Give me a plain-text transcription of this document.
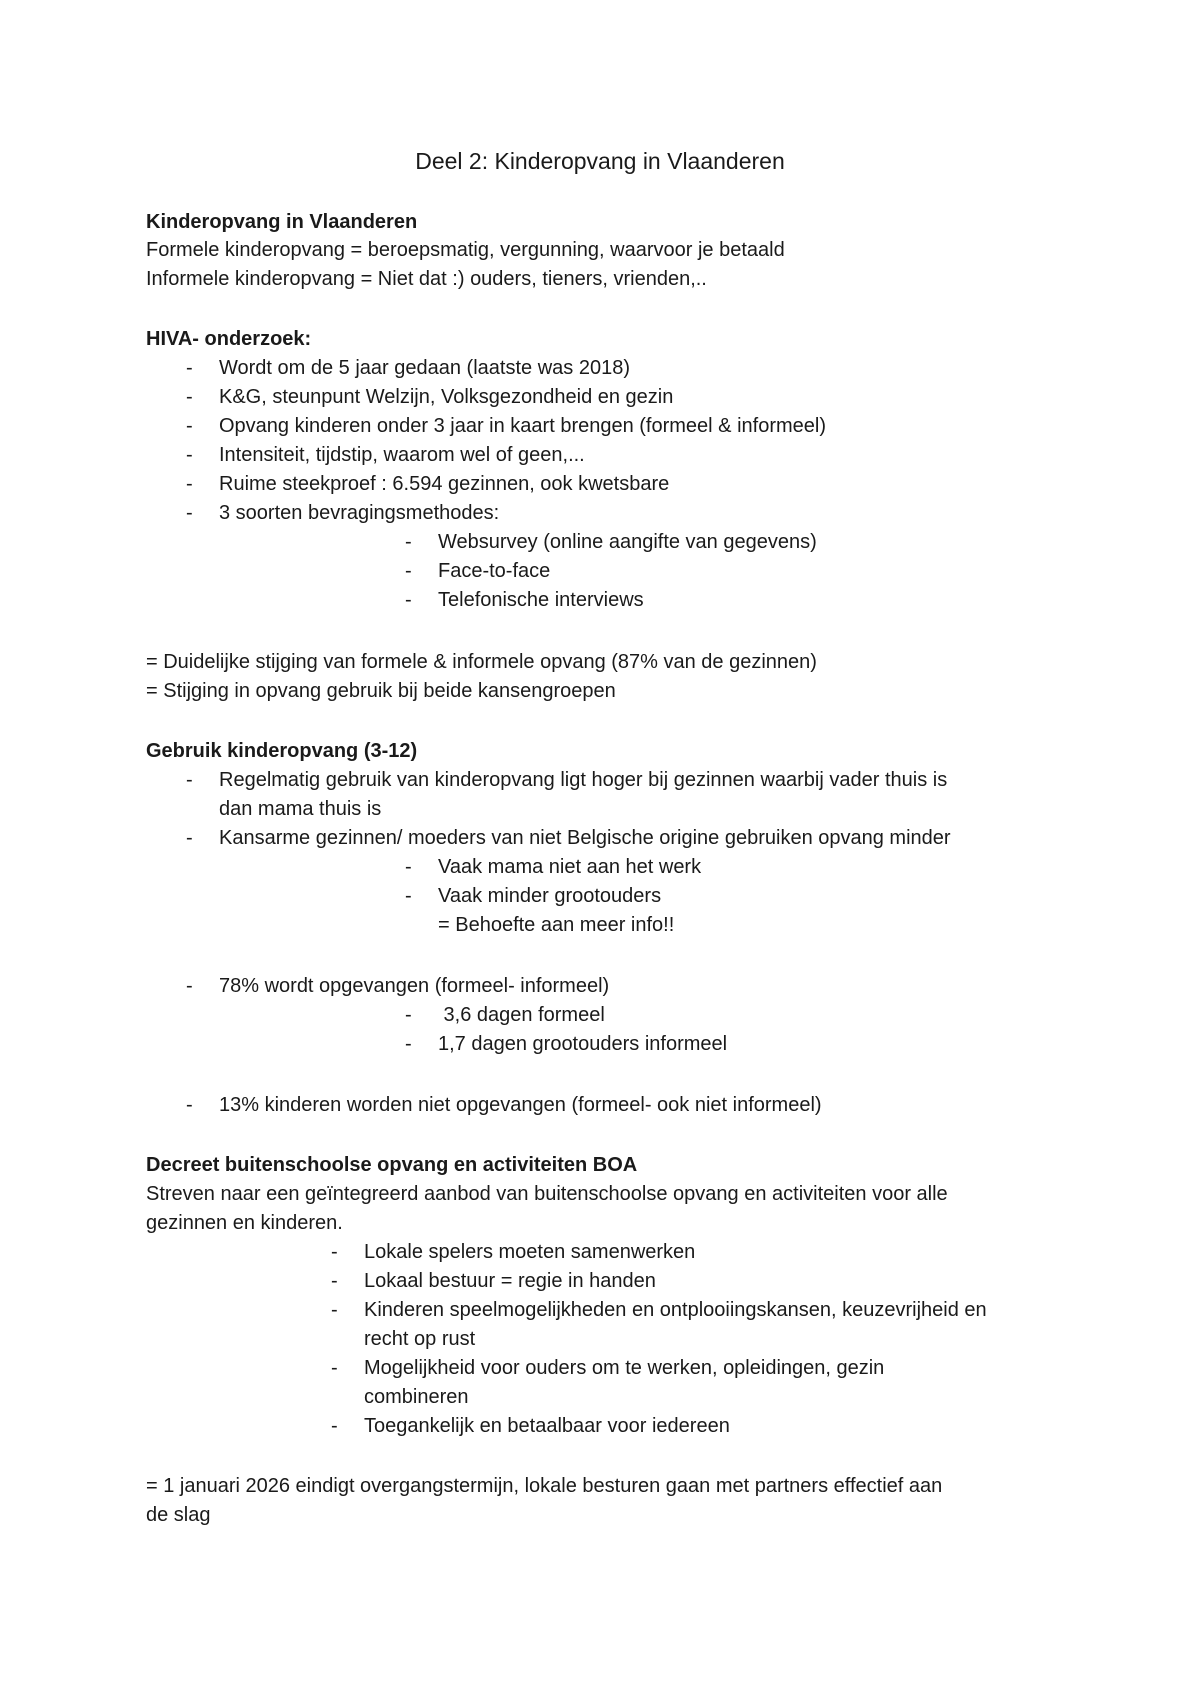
Deel 2: Kinderopvang in Vlaanderen
Kinderopvang in Vlaanderen
Formele kinderopvang = beroepsmatig, vergunning, waarvoor je betaald
Informele kinderopvang = Niet dat :) ouders, tieners, vrienden,..
HIVA- onderzoek:
- Wordt om de 5 jaar gedaan (laatste was 2018)
- K&G, steunpunt Welzijn, Volksgezondheid en gezin
- Opvang kinderen onder 3 jaar in kaart brengen (formeel & informeel)
- Intensiteit, tijdstip, waarom wel of geen,...
- Ruime steekproef : 6.594 gezinnen, ook kwetsbare
- 3 soorten bevragingsmethodes:
- Websurvey (online aangifte van gegevens)
- Face-to-face
- Telefonische interviews
= Duidelijke stijging van formele & informele opvang (87% van de gezinnen)
= Stijging in opvang gebruik bij beide kansengroepen
Gebruik kinderopvang (3-12)
- Regelmatig gebruik van kinderopvang ligt hoger bij gezinnen waarbij vader thuis is
dan mama thuis is
- Kansarme gezinnen/ moeders van niet Belgische origine gebruiken opvang minder
- Vaak mama niet aan het werk
- Vaak minder grootouders
= Behoefte aan meer info!!
- 78% wordt opgevangen (formeel- informeel)
- 3,6 dagen formeel
- 1,7 dagen grootouders informeel
- 13% kinderen worden niet opgevangen (formeel- ook niet informeel)
Decreet buitenschoolse opvang en activiteiten BOA
Streven naar een geïntegreerd aanbod van buitenschoolse opvang en activiteiten voor alle
gezinnen en kinderen.
- Lokale spelers moeten samenwerken
- Lokaal bestuur = regie in handen
- Kinderen speelmogelijkheden en ontplooiingskansen, keuzevrijheid en
recht op rust
- Mogelijkheid voor ouders om te werken, opleidingen, gezin
combineren
- Toegankelijk en betaalbaar voor iedereen
= 1 januari 2026 eindigt overgangstermijn, lokale besturen gaan met partners effectief aan
de slag
